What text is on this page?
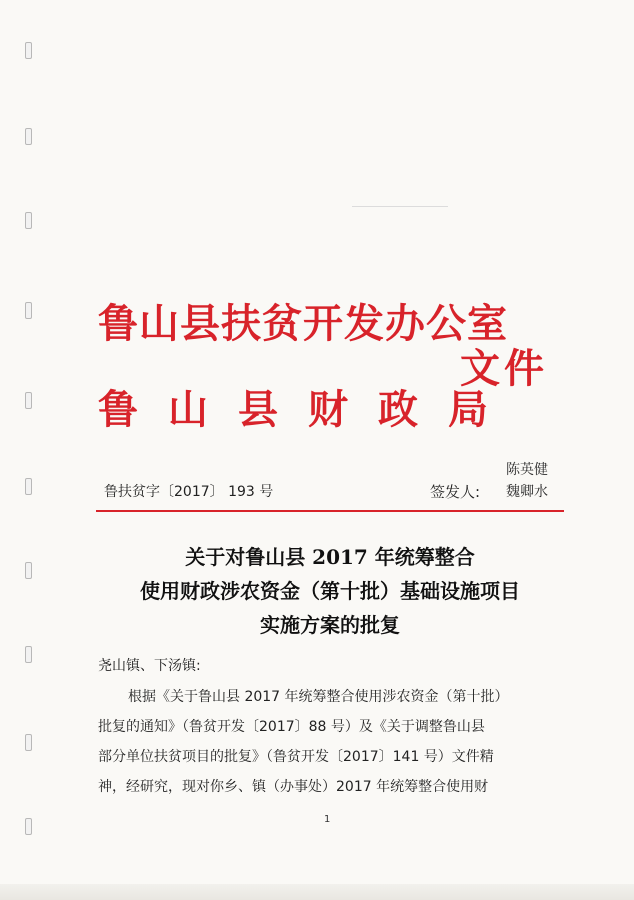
鲁山县扶贫开发办公室
鲁山县财政局
文件
鲁扶贫字〔2017〕 193 号	签发人:
陈英健
魏卿水
关于对鲁山县 2017 年统筹整合
使用财政涉农资金（第十批）基础设施项目
实施方案的批复
尧山镇、下汤镇:
根据《关于鲁山县 2017 年统筹整合使用涉农资金（第十批）
批复的通知》（鲁贫开发〔2017〕88 号）及《关于调整鲁山县
部分单位扶贫项目的批复》（鲁贫开发〔2017〕141 号）文件精
神，经研究，现对你乡、镇（办事处）2017 年统筹整合使用财
1
